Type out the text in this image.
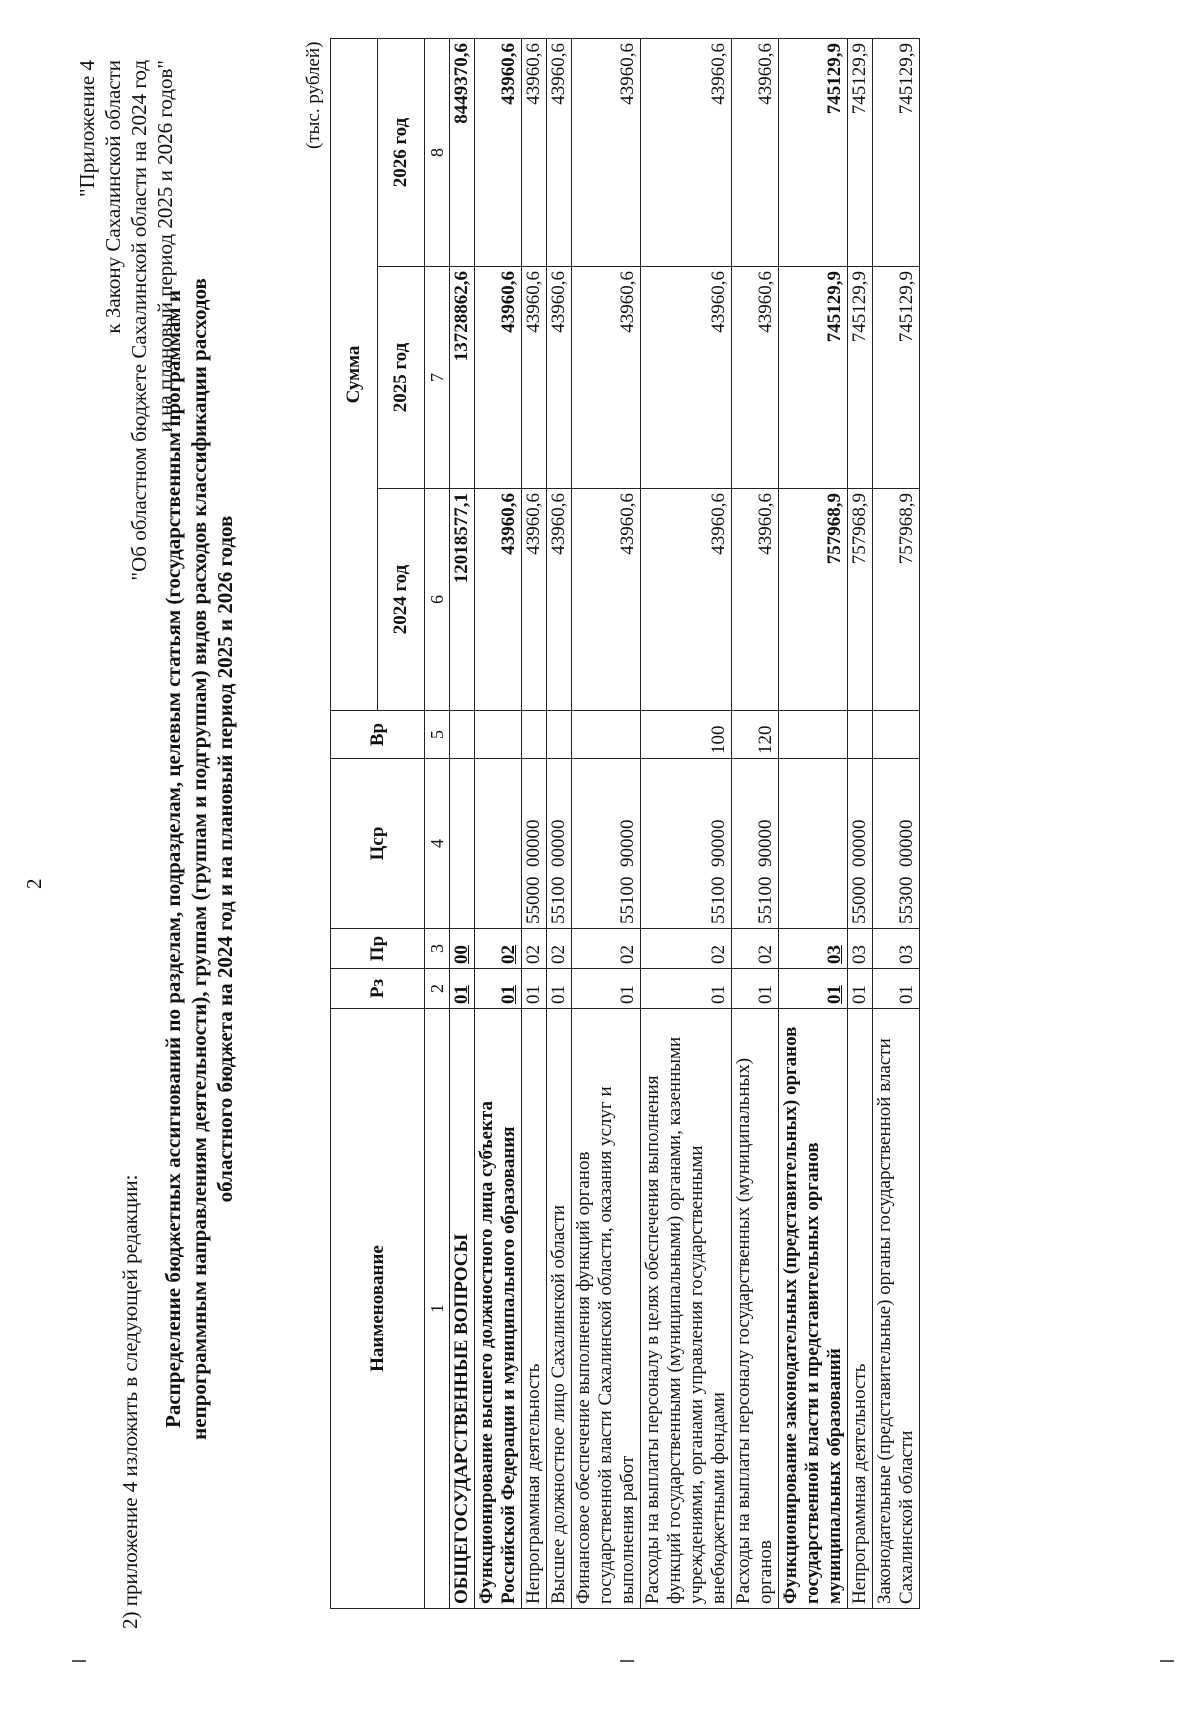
2
2) приложение 4 изложить в следующей редакции:
"Приложение 4 к Закону Сахалинской области "Об областном бюджете Сахалинской области на 2024 год и на плановый период 2025 и 2026 годов"
Распределение бюджетных ассигнований по разделам, подразделам, целевым статьям (государственным программам и непрограммным направлениям деятельности), группам (группам и подгруппам) видов расходов классификации расходов областного бюджета на 2024 год и на плановый период 2025 и 2026 годов
(тыс. рублей)
Наименование	Рз	Пр	Цср	Вр	Сумма		
					2024 год	2025 год	2026 год
1	2	3	4	5	6	7	8
ОБЩЕГОСУДАРСТВЕННЫЕ ВОПРОСЫ	01	00			12018577,1	13728862,6	8449370,6
Функционирование высшего должностного лица субъекта Российской Федерации и муниципального образования	01	02			43960,6	43960,6	43960,6
Непрограммная деятельность	01	02	55000  00000		43960,6	43960,6	43960,6
Высшее должностное лицо Сахалинской области	01	02	55100  00000		43960,6	43960,6	43960,6
Финансовое обеспечение выполнения функций органов государственной власти Сахалинской области, оказания услуг и выполнения работ	01	02	55100  90000		43960,6	43960,6	43960,6
Расходы на выплаты персоналу в целях обеспечения выполнения функций государственными (муниципальными) органами, казенными учреждениями, органами управления государственными внебюджетными фондами	01	02	55100  90000	100	43960,6	43960,6	43960,6
Расходы на выплаты персоналу государственных (муниципальных) органов	01	02	55100  90000	120	43960,6	43960,6	43960,6
Функционирование законодательных (представительных) органов государственной власти и представительных органов муниципальных образований	01	03			757968,9	745129,9	745129,9
Непрограммная деятельность	01	03	55000  00000		757968,9	745129,9	745129,9
Законодательные (представительные) органы государственной власти Сахалинской области	01	03	55300  00000		757968,9	745129,9	745129,9
